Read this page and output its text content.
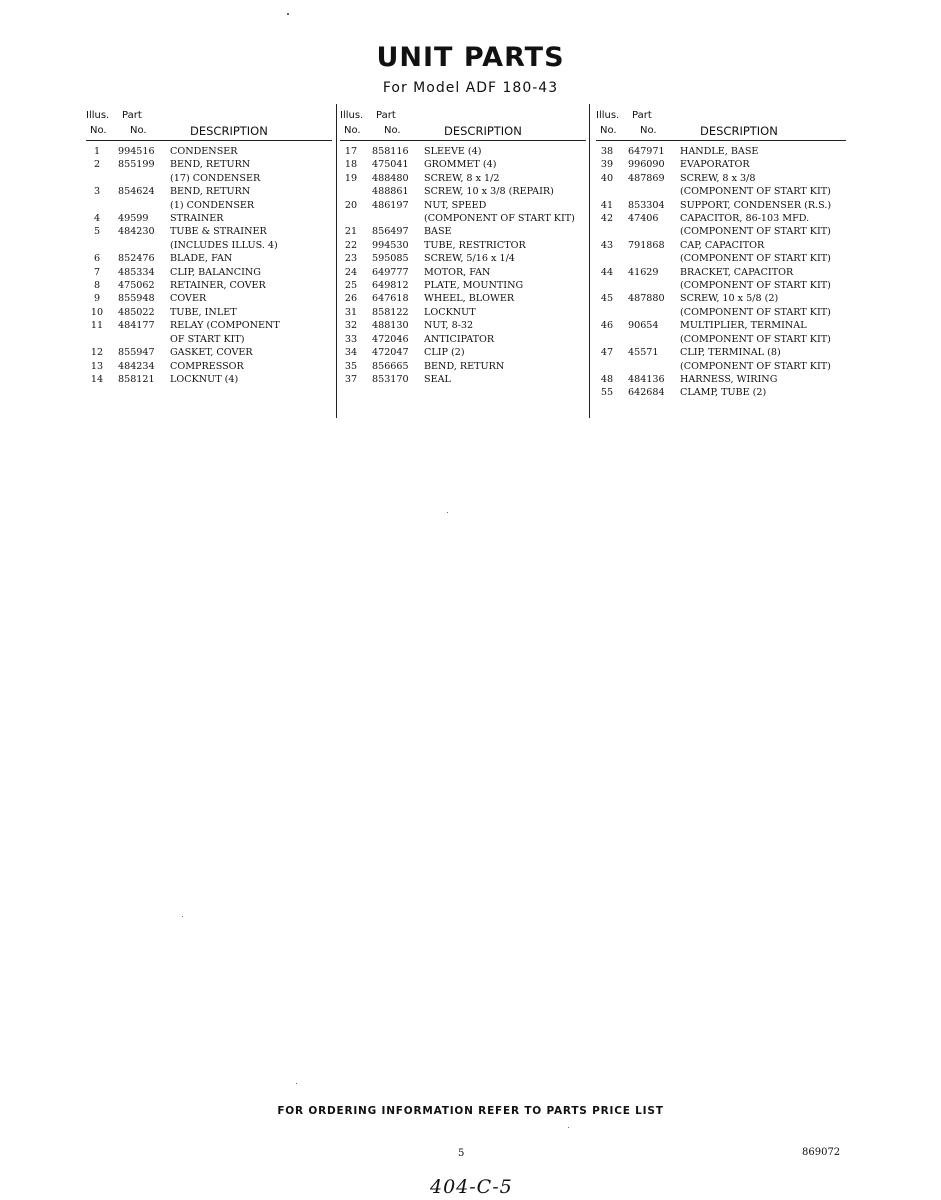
UNIT PARTS
For Model ADF 180-43
Illus. Part
No. No.	DESCRIPTION
1	994516 CONDENSER
2	855199 BEND, RETURN
(17) CONDENSER
3	854624 BEND, RETURN
(1) CONDENSER
4	49599 STRAINER
5	484230 TUBE & STRAINER
(INCLUDES ILLUS. 4)
6	852476 BLADE, FAN
7	485334 CLIP, BALANCING
8	475062 RETAINER, COVER
9	855948 COVER
10	485022 TUBE, INLET
11	484177 RELAY (COMPONENT
OF START KIT)
12	855947 GASKET, COVER
13	484234 COMPRESSOR
14	858121 LOCKNUT (4)
Illus. Part
No. No.	DESCRIPTION
17	858116 SLEEVE (4)
18	475041 GROMMET (4)
19	488480 SCREW, 8 x 1/2
488861 SCREW, 10 x 3/8 (REPAIR)
20	486197 NUT, SPEED
(COMPONENT OF START KIT)
21	856497 BASE
22	994530 TUBE, RESTRICTOR
23	595085 SCREW, 5/16 x 1/4
24	649777 MOTOR, FAN
25	649812 PLATE, MOUNTING
26	647618 WHEEL, BLOWER
31	858122 LOCKNUT
32	488130 NUT, 8-32
33	472046 ANTICIPATOR
34	472047 CLIP (2)
35	856665 BEND, RETURN
37	853170 SEAL
Illus. Part
No. No.	DESCRIPTION
38	647971 HANDLE, BASE
39	996090 EVAPORATOR
40	487869 SCREW, 8 x 3/8
(COMPONENT OF START KIT)
41	853304 SUPPORT, CONDENSER (R.S.)
42	47406 CAPACITOR, 86-103 MFD.
(COMPONENT OF START KIT)
43	791868 CAP, CAPACITOR
(COMPONENT OF START KIT)
44	41629 BRACKET, CAPACITOR
(COMPONENT OF START KIT)
45	487880 SCREW, 10 x 5/8 (2)
(COMPONENT OF START KIT)
46	90654 MULTIPLIER, TERMINAL
(COMPONENT OF START KIT)
47	45571 CLIP, TERMINAL (8)
(COMPONENT OF START KIT)
48	484136 HARNESS, WIRING
55	642684 CLAMP, TUBE (2)
FOR ORDERING INFORMATION REFER TO PARTS PRICE LIST
5	869072
404-C-5
